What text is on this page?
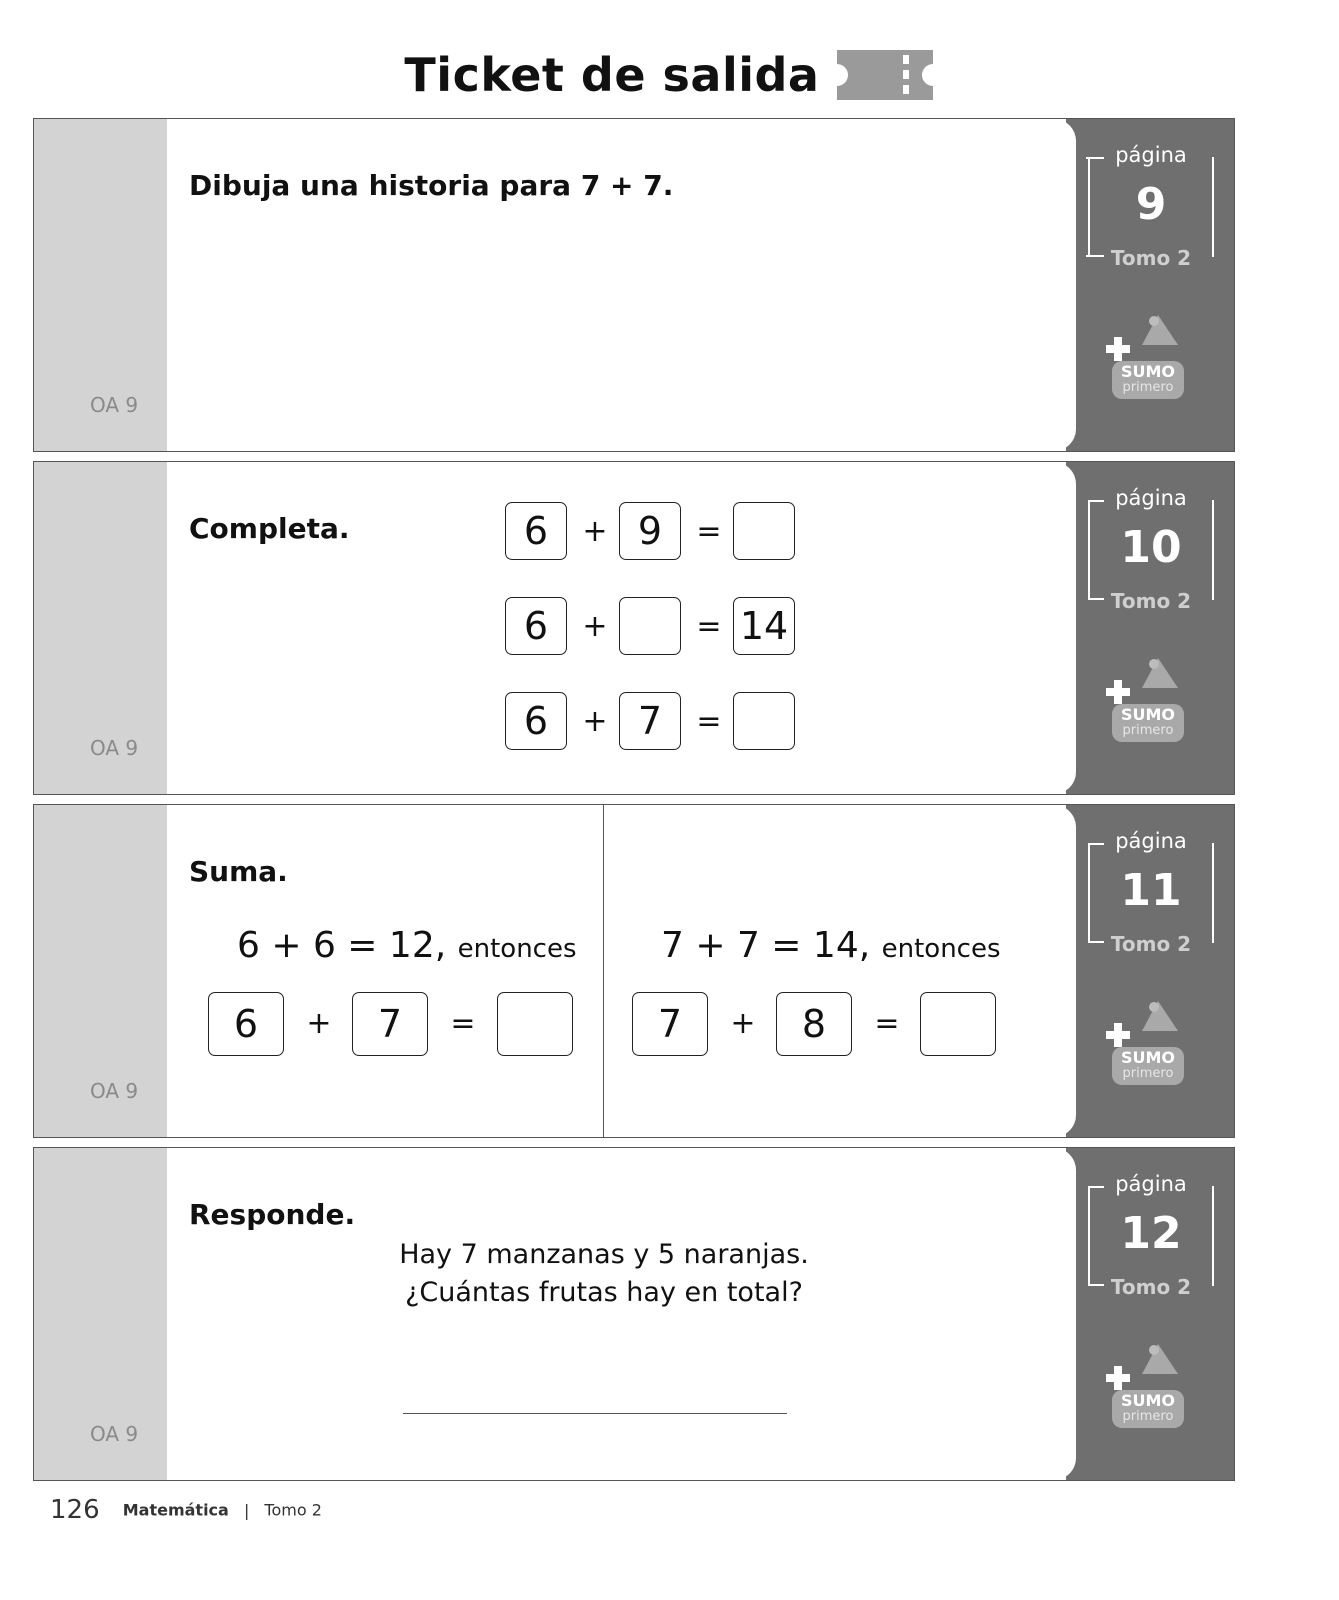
Ticket de salida
OA 9
página
9
Tomo 2
SUMO
primero
Dibuja una historia para 7 + 7.
OA 9
página
10
Tomo 2
SUMO
primero
Completa.	6	+ 9	=
6	+	= 14
6	+ 7	=
OA 9
página
11
Tomo 2
SUMO
primero
Suma.
6 + 6 = 12, entonces
6	+	7	=
7 + 7 = 14, entonces
7	+	8	=
OA 9
página
12
Tomo 2
SUMO
primero
Responde.
Hay 7 manzanas y 5 naranjas.
¿Cuántas frutas hay en total?
126 Matemática | Tomo 2
